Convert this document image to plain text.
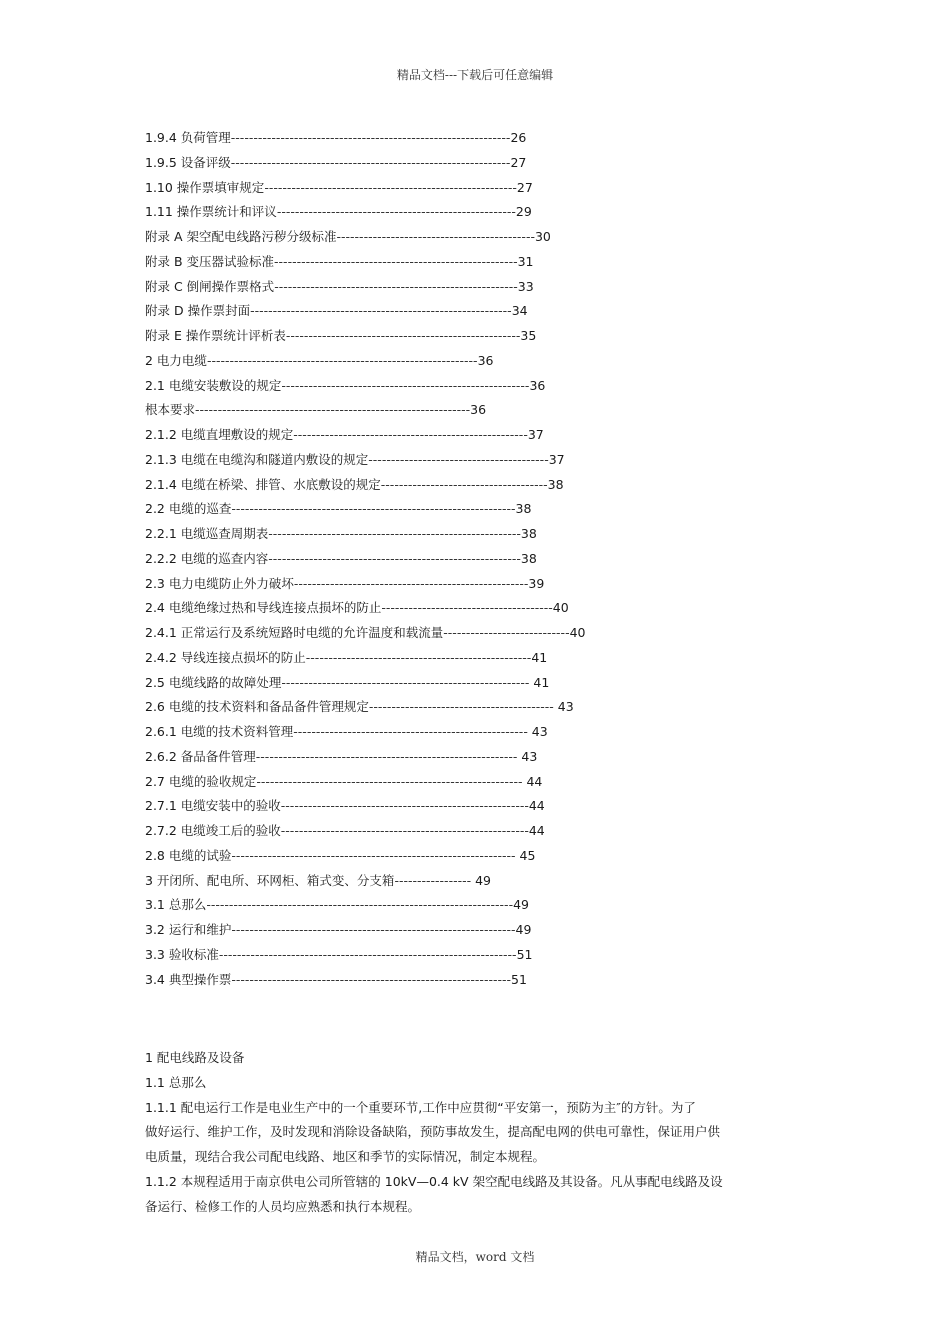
精品文档---下载后可任意编辑
1.9.4 负荷管理--------------------------------------------------------------26
1.9.5 设备评级--------------------------------------------------------------27
1.10 操作票填审规定--------------------------------------------------------27
1.11 操作票统计和评议-----------------------------------------------------29
附录 A 架空配电线路污秽分级标准--------------------------------------------30
附录 B 变压器试验标准------------------------------------------------------31
附录 C 倒闸操作票格式------------------------------------------------------33
附录 D 操作票封面----------------------------------------------------------34
附录 E 操作票统计评析表----------------------------------------------------35
2 电力电缆------------------------------------------------------------36
2.1 电缆安装敷设的规定-------------------------------------------------------36
根本要求-------------------------------------------------------------36
2.1.2 电缆直埋敷设的规定----------------------------------------------------37
2.1.3 电缆在电缆沟和隧道内敷设的规定----------------------------------------37
2.1.4 电缆在桥梁、排管、水底敷设的规定-------------------------------------38
2.2 电缆的巡查---------------------------------------------------------------38
2.2.1 电缆巡查周期表--------------------------------------------------------38
2.2.2 电缆的巡查内容--------------------------------------------------------38
2.3 电力电缆防止外力破坏----------------------------------------------------39
2.4 电缆绝缘过热和导线连接点损坏的防止--------------------------------------40
2.4.1 正常运行及系统短路时电缆的允许温度和载流量----------------------------40
2.4.2 导线连接点损坏的防止--------------------------------------------------41
2.5 电缆线路的故障处理------------------------------------------------------- 41
2.6 电缆的技术资料和备品备件管理规定----------------------------------------- 43
2.6.1 电缆的技术资料管理---------------------------------------------------- 43
2.6.2 备品备件管理---------------------------------------------------------- 43
2.7 电缆的验收规定----------------------------------------------------------- 44
2.7.1 电缆安装中的验收-------------------------------------------------------44
2.7.2 电缆竣工后的验收-------------------------------------------------------44
2.8 电缆的试验--------------------------------------------------------------- 45
3 开闭所、配电所、环网柜、箱式变、分支箱----------------- 49
3.1 总那么--------------------------------------------------------------------49
3.2 运行和维护---------------------------------------------------------------49
3.3 验收标准------------------------------------------------------------------51
3.4 典型操作票--------------------------------------------------------------51

1 配电线路及设备

1.1 总那么

1.1.1 配电运行工作是电业生产中的一个重要环节,工作中应贯彻“平安第一，预防为主″的方针。为了

做好运行、维护工作，及时发现和消除设备缺陷，预防事故发生，提高配电网的供电可靠性，保证用户供

电质量，现结合我公司配电线路、地区和季节的实际情况，制定本规程。

1.1.2 本规程适用于南京供电公司所管辖的 10kV—0.4 kV 架空配电线路及其设备。凡从事配电线路及设

备运行、检修工作的人员均应熟悉和执行本规程。

精品文档，word 文档
